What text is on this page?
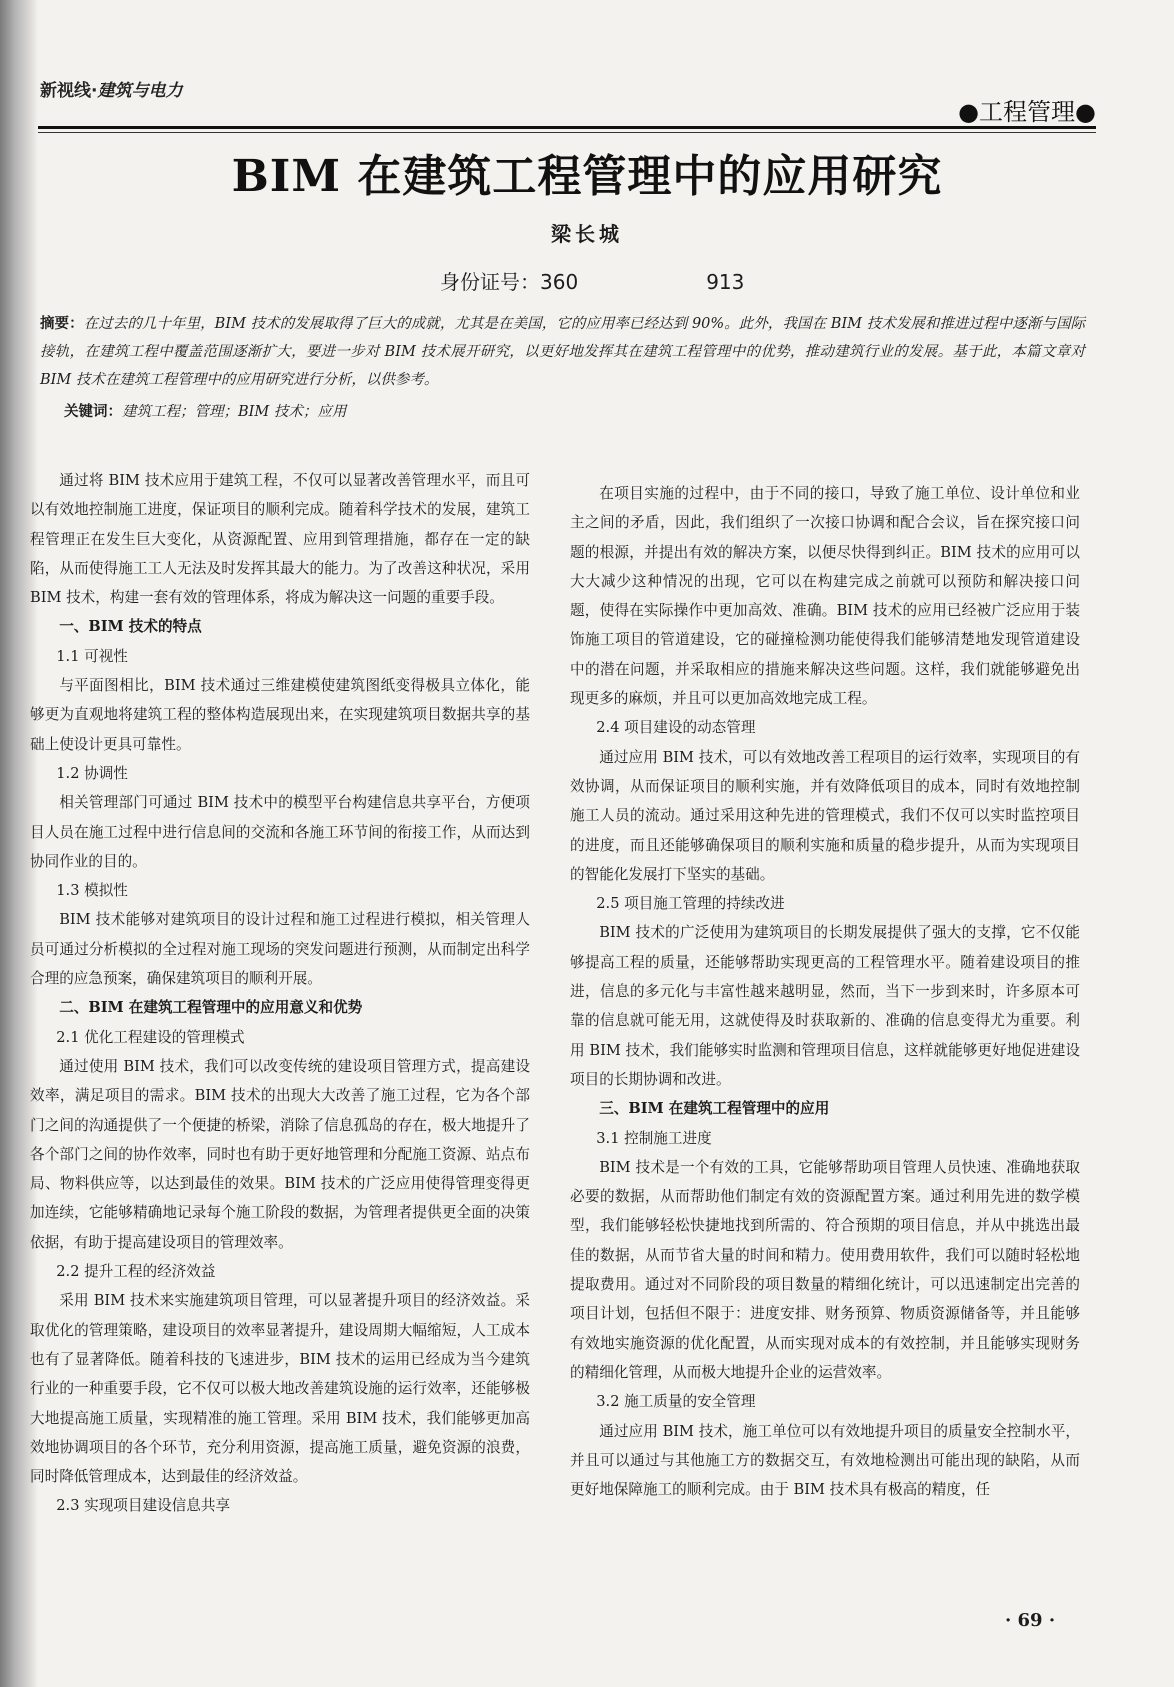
新视线·建筑与电力
●工程管理●
BIM 在建筑工程管理中的应用研究
梁长城
身份证号：360	913
摘要：在过去的几十年里，BIM 技术的发展取得了巨大的成就，尤其是在美国，它的应用率已经达到 90%。此外，我国在 BIM 技术发展和推进过程中逐渐与国际接轨，在建筑工程中覆盖范围逐渐扩大，要进一步对 BIM 技术展开研究，以更好地发挥其在建筑工程管理中的优势，推动建筑行业的发展。基于此，本篇文章对 BIM 技术在建筑工程管理中的应用研究进行分析，以供参考。
关键词：建筑工程；管理；BIM 技术；应用

通过将 BIM 技术应用于建筑工程，不仅可以显著改善管理水平，而且可以有效地控制施工进度，保证项目的顺利完成。随着科学技术的发展，建筑工程管理正在发生巨大变化，从资源配置、应用到管理措施，都存在一定的缺陷，从而使得施工工人无法及时发挥其最大的能力。为了改善这种状况，采用 BIM 技术，构建一套有效的管理体系，将成为解决这一问题的重要手段。

一、BIM 技术的特点
1.1 可视性

与平面图相比，BIM 技术通过三维建模使建筑图纸变得极具立体化，能够更为直观地将建筑工程的整体构造展现出来，在实现建筑项目数据共享的基础上使设计更具可靠性。

1.2 协调性

相关管理部门可通过 BIM 技术中的模型平台构建信息共享平台，方便项目人员在施工过程中进行信息间的交流和各施工环节间的衔接工作，从而达到协同作业的目的。

1.3 模拟性

BIM 技术能够对建筑项目的设计过程和施工过程进行模拟，相关管理人员可通过分析模拟的全过程对施工现场的突发问题进行预测，从而制定出科学合理的应急预案，确保建筑项目的顺利开展。

二、BIM 在建筑工程管理中的应用意义和优势
2.1 优化工程建设的管理模式

通过使用 BIM 技术，我们可以改变传统的建设项目管理方式，提高建设效率，满足项目的需求。BIM 技术的出现大大改善了施工过程，它为各个部门之间的沟通提供了一个便捷的桥梁，消除了信息孤岛的存在，极大地提升了各个部门之间的协作效率，同时也有助于更好地管理和分配施工资源、站点布局、物料供应等，以达到最佳的效果。BIM 技术的广泛应用使得管理变得更加连续，它能够精确地记录每个施工阶段的数据，为管理者提供更全面的决策依据，有助于提高建设项目的管理效率。

2.2 提升工程的经济效益

采用 BIM 技术来实施建筑项目管理，可以显著提升项目的经济效益。采取优化的管理策略，建设项目的效率显著提升，建设周期大幅缩短，人工成本也有了显著降低。随着科技的飞速进步，BIM 技术的运用已经成为当今建筑行业的一种重要手段，它不仅可以极大地改善建筑设施的运行效率，还能够极大地提高施工质量，实现精准的施工管理。采用 BIM 技术，我们能够更加高效地协调项目的各个环节，充分利用资源，提高施工质量，避免资源的浪费，同时降低管理成本，达到最佳的经济效益。

2.3 实现项目建设信息共享

在项目实施的过程中，由于不同的接口，导致了施工单位、设计单位和业主之间的矛盾，因此，我们组织了一次接口协调和配合会议，旨在探究接口问题的根源，并提出有效的解决方案，以便尽快得到纠正。BIM 技术的应用可以大大减少这种情况的出现，它可以在构建完成之前就可以预防和解决接口问题，使得在实际操作中更加高效、准确。BIM 技术的应用已经被广泛应用于装饰施工项目的管道建设，它的碰撞检测功能使得我们能够清楚地发现管道建设中的潜在问题，并采取相应的措施来解决这些问题。这样，我们就能够避免出现更多的麻烦，并且可以更加高效地完成工程。

2.4 项目建设的动态管理

通过应用 BIM 技术，可以有效地改善工程项目的运行效率，实现项目的有效协调，从而保证项目的顺利实施，并有效降低项目的成本，同时有效地控制施工人员的流动。通过采用这种先进的管理模式，我们不仅可以实时监控项目的进度，而且还能够确保项目的顺利实施和质量的稳步提升，从而为实现项目的智能化发展打下坚实的基础。

2.5 项目施工管理的持续改进

BIM 技术的广泛使用为建筑项目的长期发展提供了强大的支撑，它不仅能够提高工程的质量，还能够帮助实现更高的工程管理水平。随着建设项目的推进，信息的多元化与丰富性越来越明显，然而，当下一步到来时，许多原本可靠的信息就可能无用，这就使得及时获取新的、准确的信息变得尤为重要。利用 BIM 技术，我们能够实时监测和管理项目信息，这样就能够更好地促进建设项目的长期协调和改进。

三、BIM 在建筑工程管理中的应用
3.1 控制施工进度

BIM 技术是一个有效的工具，它能够帮助项目管理人员快速、准确地获取必要的数据，从而帮助他们制定有效的资源配置方案。通过利用先进的数学模型，我们能够轻松快捷地找到所需的、符合预期的项目信息，并从中挑选出最佳的数据，从而节省大量的时间和精力。使用费用软件，我们可以随时轻松地提取费用。通过对不同阶段的项目数量的精细化统计，可以迅速制定出完善的项目计划，包括但不限于：进度安排、财务预算、物质资源储备等，并且能够有效地实施资源的优化配置，从而实现对成本的有效控制，并且能够实现财务的精细化管理，从而极大地提升企业的运营效率。

3.2 施工质量的安全管理

通过应用 BIM 技术，施工单位可以有效地提升项目的质量安全控制水平，并且可以通过与其他施工方的数据交互，有效地检测出可能出现的缺陷，从而更好地保障施工的顺利完成。由于 BIM 技术具有极高的精度，任

· 69 ·
